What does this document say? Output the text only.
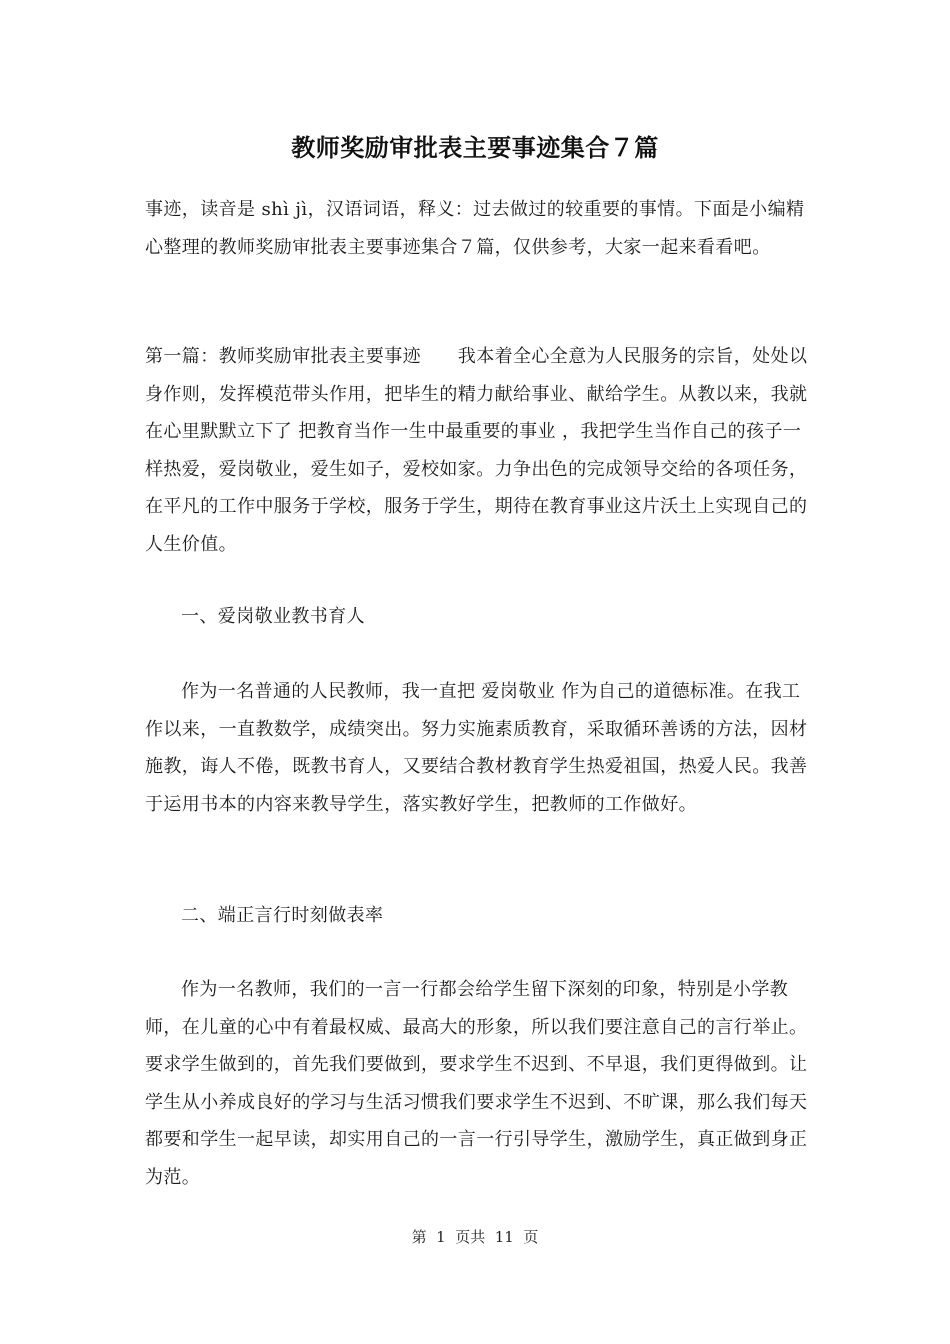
教师奖励审批表主要事迹集合７篇

事迹，读音是 shì jì，汉语词语，释义：过去做过的较重要的事情。下面是小编精心整理的教师奖励审批表主要事迹集合７篇，仅供参考，大家一起来看看吧。

第一篇：教师奖励审批表主要事迹　　我本着全心全意为人民服务的宗旨，处处以身作则，发挥模范带头作用，把毕生的精力献给事业、献给学生。从教以来，我就在心里默默立下了 把教育当作一生中最重要的事业 ，我把学生当作自己的孩子一样热爱，爱岗敬业，爱生如子，爱校如家。力争出色的完成领导交给的各项任务，在平凡的工作中服务于学校，服务于学生，期待在教育事业这片沃土上实现自己的人生价值。

一、爱岗敬业教书育人

作为一名普通的人民教师，我一直把 爱岗敬业 作为自己的道德标准。在我工作以来，一直教数学，成绩突出。努力实施素质教育，采取循环善诱的方法，因材施教，诲人不倦，既教书育人，又要结合教材教育学生热爱祖国，热爱人民。我善于运用书本的内容来教导学生，落实教好学生，把教师的工作做好。

二、端正言行时刻做表率

作为一名教师，我们的一言一行都会给学生留下深刻的印象，特别是小学教师，在儿童的心中有着最权威、最高大的形象，所以我们要注意自己的言行举止。要求学生做到的，首先我们要做到，要求学生不迟到、不早退，我们更得做到。让学生从小养成良好的学习与生活习惯我们要求学生不迟到、不旷课，那么我们每天都要和学生一起早读，却实用自己的一言一行引导学生，激励学生，真正做到身正为范。

第  1  页共  11  页
